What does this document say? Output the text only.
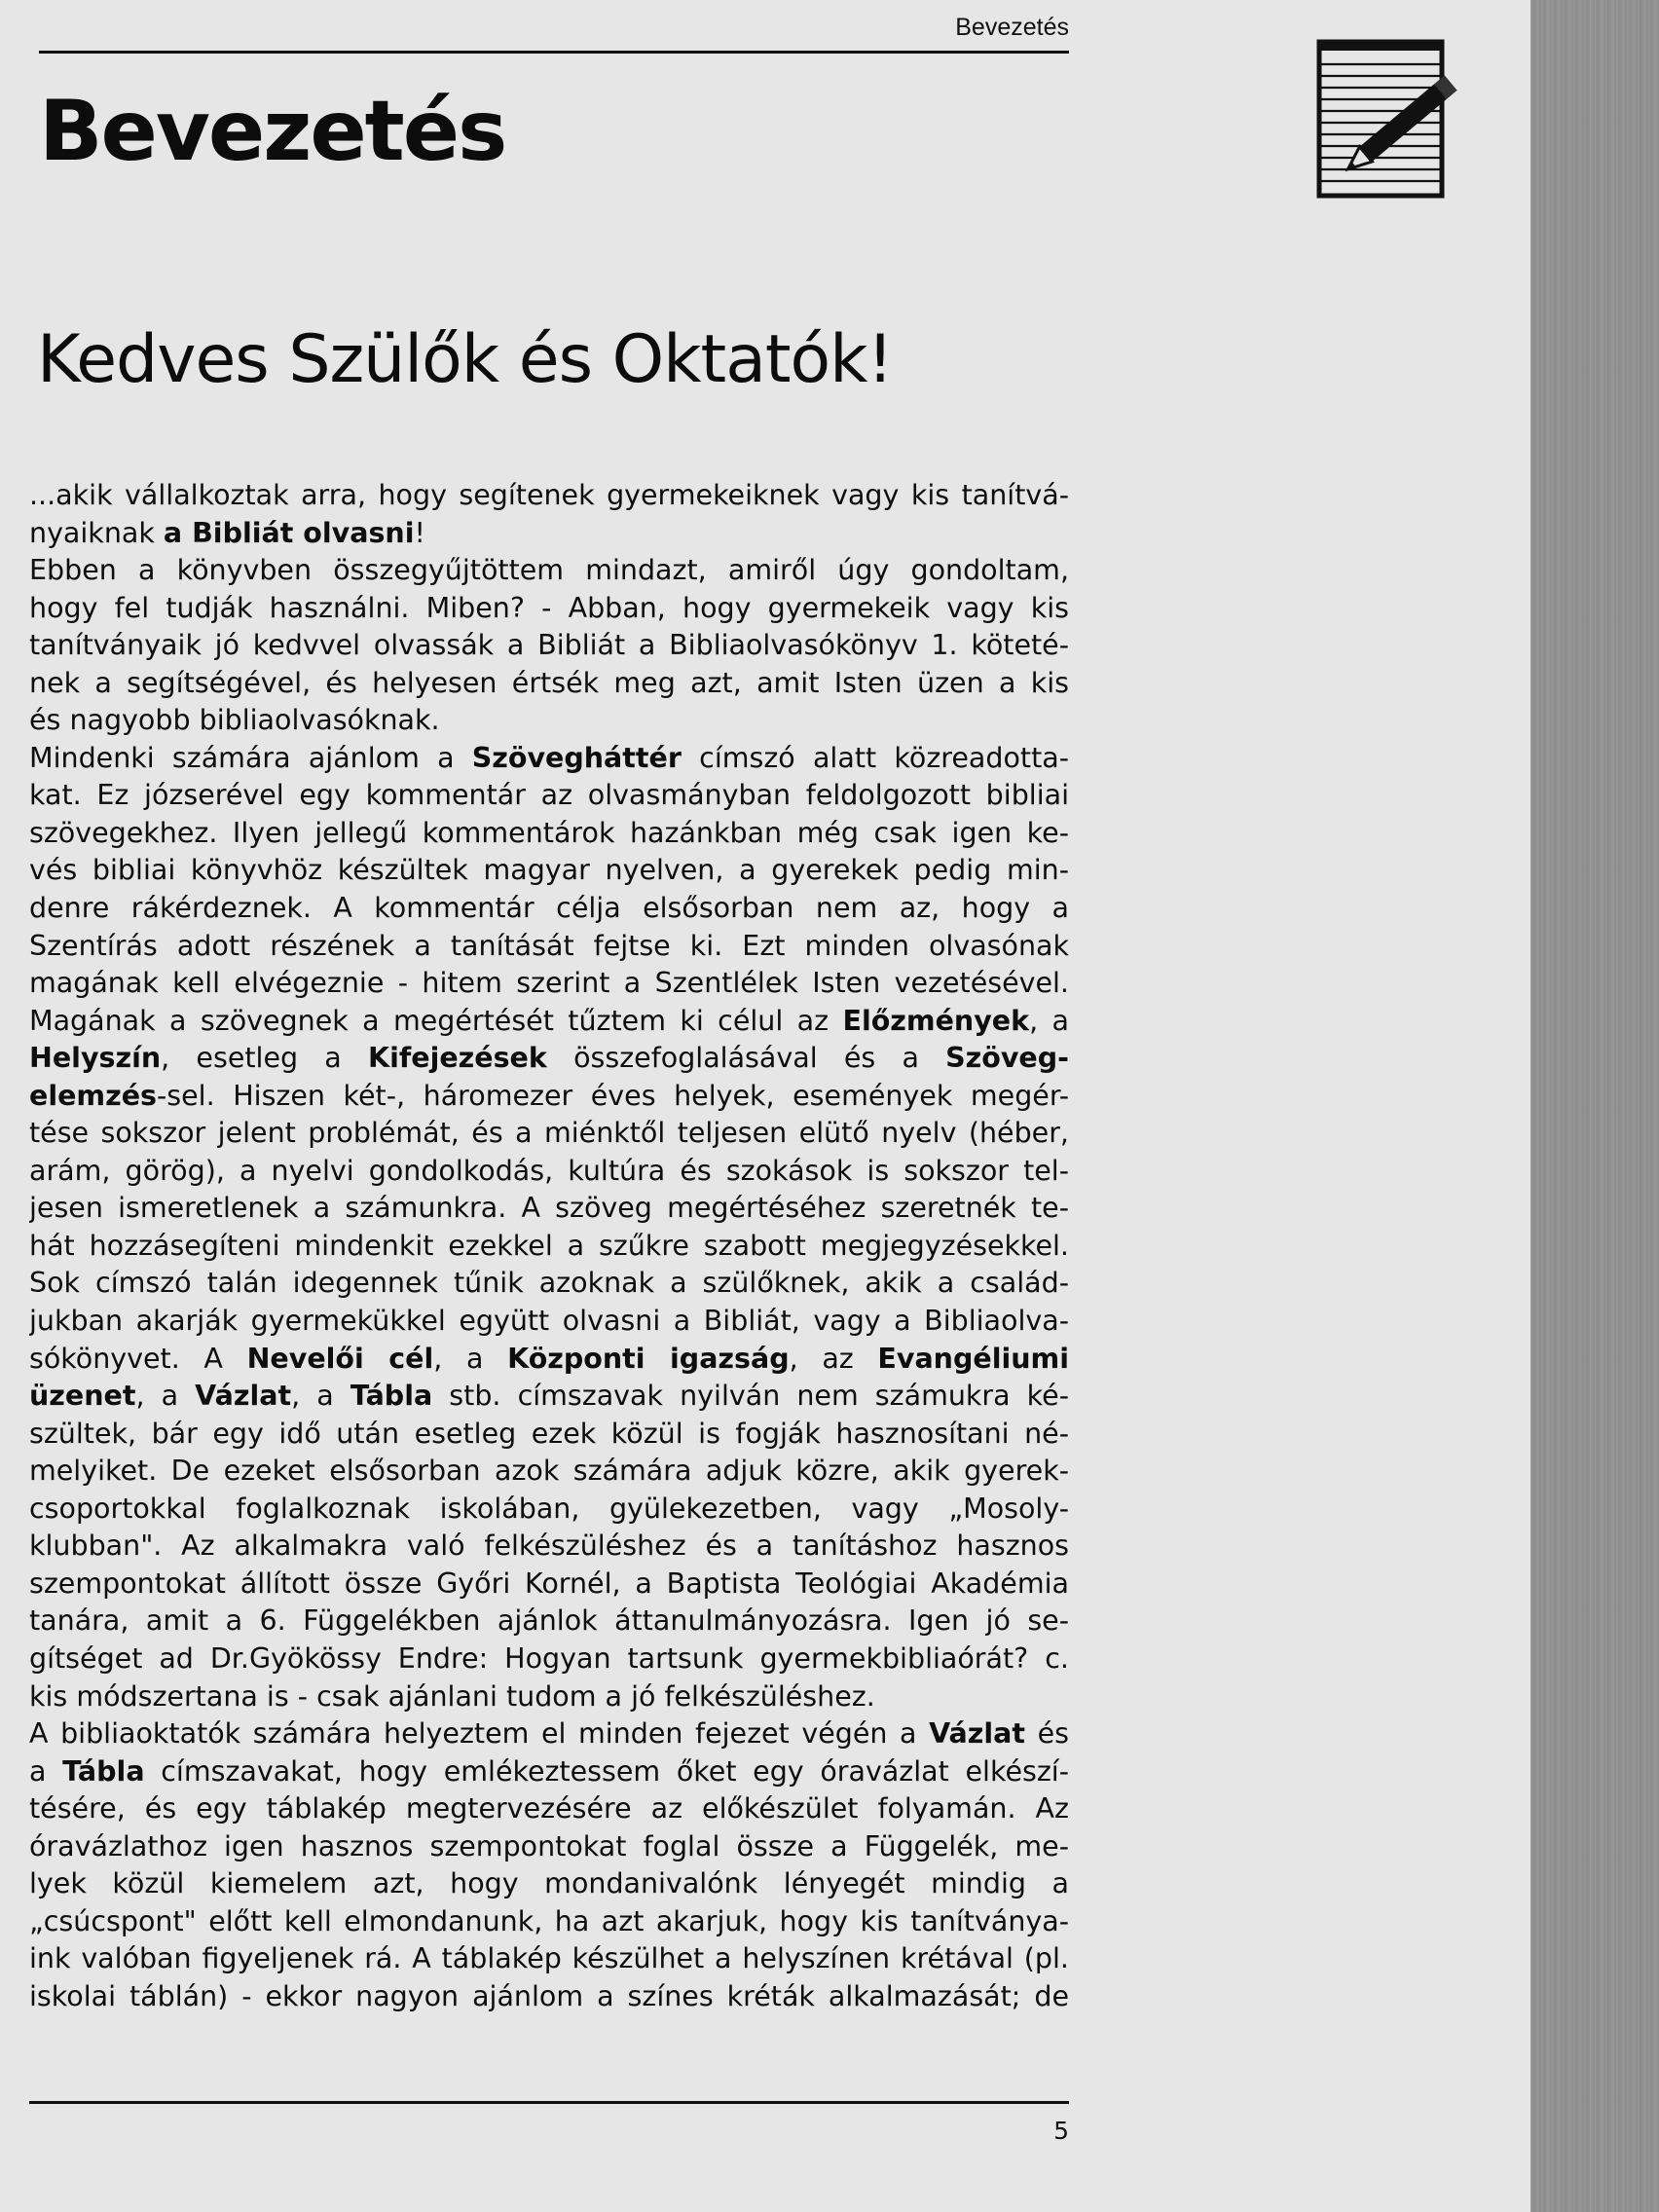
Bevezetés
Bevezetés
Kedves Szülők és Oktatók!
...akik vállalkoztak arra, hogy segítenek gyermekeiknek vagy kis tanítvá-
nyaiknak a Bibliát olvasni!
Ebben a könyvben összegyűjtöttem mindazt, amiről úgy gondoltam,
hogy fel tudják használni. Miben? - Abban, hogy gyermekeik vagy kis
tanítványaik jó kedvvel olvassák a Bibliát a Bibliaolvasókönyv 1. köteté-
nek a segítségével, és helyesen értsék meg azt, amit Isten üzen a kis
és nagyobb bibliaolvasóknak.
Mindenki számára ajánlom a Szövegháttér címszó alatt közreadotta-
kat. Ez józserével egy kommentár az olvasmányban feldolgozott bibliai
szövegekhez. Ilyen jellegű kommentárok hazánkban még csak igen ke-
vés bibliai könyvhöz készültek magyar nyelven, a gyerekek pedig min-
denre rákérdeznek. A kommentár célja elsősorban nem az, hogy a
Szentírás adott részének a tanítását fejtse ki. Ezt minden olvasónak
magának kell elvégeznie - hitem szerint a Szentlélek Isten vezetésével.
Magának a szövegnek a megértését tűztem ki célul az Előzmények, a
Helyszín, esetleg a Kifejezések összefoglalásával és a Szöveg-
elemzés-sel. Hiszen két-, háromezer éves helyek, események megér-
tése sokszor jelent problémát, és a miénktől teljesen elütő nyelv (héber,
arám, görög), a nyelvi gondolkodás, kultúra és szokások is sokszor tel-
jesen ismeretlenek a számunkra. A szöveg megértéséhez szeretnék te-
hát hozzásegíteni mindenkit ezekkel a szűkre szabott megjegyzésekkel.
Sok címszó talán idegennek tűnik azoknak a szülőknek, akik a család-
jukban akarják gyermekükkel együtt olvasni a Bibliát, vagy a Bibliaolva-
sókönyvet. A Nevelői cél, a Központi igazság, az Evangéliumi
üzenet, a Vázlat, a Tábla stb. címszavak nyilván nem számukra ké-
szültek, bár egy idő után esetleg ezek közül is fogják hasznosítani né-
melyiket. De ezeket elsősorban azok számára adjuk közre, akik gyerek-
csoportokkal foglalkoznak iskolában, gyülekezetben, vagy „Mosoly-
klubban". Az alkalmakra való felkészüléshez és a tanításhoz hasznos
szempontokat állított össze Győri Kornél, a Baptista Teológiai Akadémia
tanára, amit a 6. Függelékben ajánlok áttanulmányozásra. Igen jó se-
gítséget ad Dr.Gyökössy Endre: Hogyan tartsunk gyermekbibliaórát? c.
kis módszertana is - csak ajánlani tudom a jó felkészüléshez.
A bibliaoktatók számára helyeztem el minden fejezet végén a Vázlat és
a Tábla címszavakat, hogy emlékeztessem őket egy óravázlat elkészí-
tésére, és egy táblakép megtervezésére az előkészület folyamán. Az
óravázlathoz igen hasznos szempontokat foglal össze a Függelék, me-
lyek közül kiemelem azt, hogy mondanivalónk lényegét mindig a
„csúcspont" előtt kell elmondanunk, ha azt akarjuk, hogy kis tanítványa-
ink valóban figyeljenek rá. A táblakép készülhet a helyszínen krétával (pl.
iskolai táblán) - ekkor nagyon ajánlom a színes kréták alkalmazását; de
5
